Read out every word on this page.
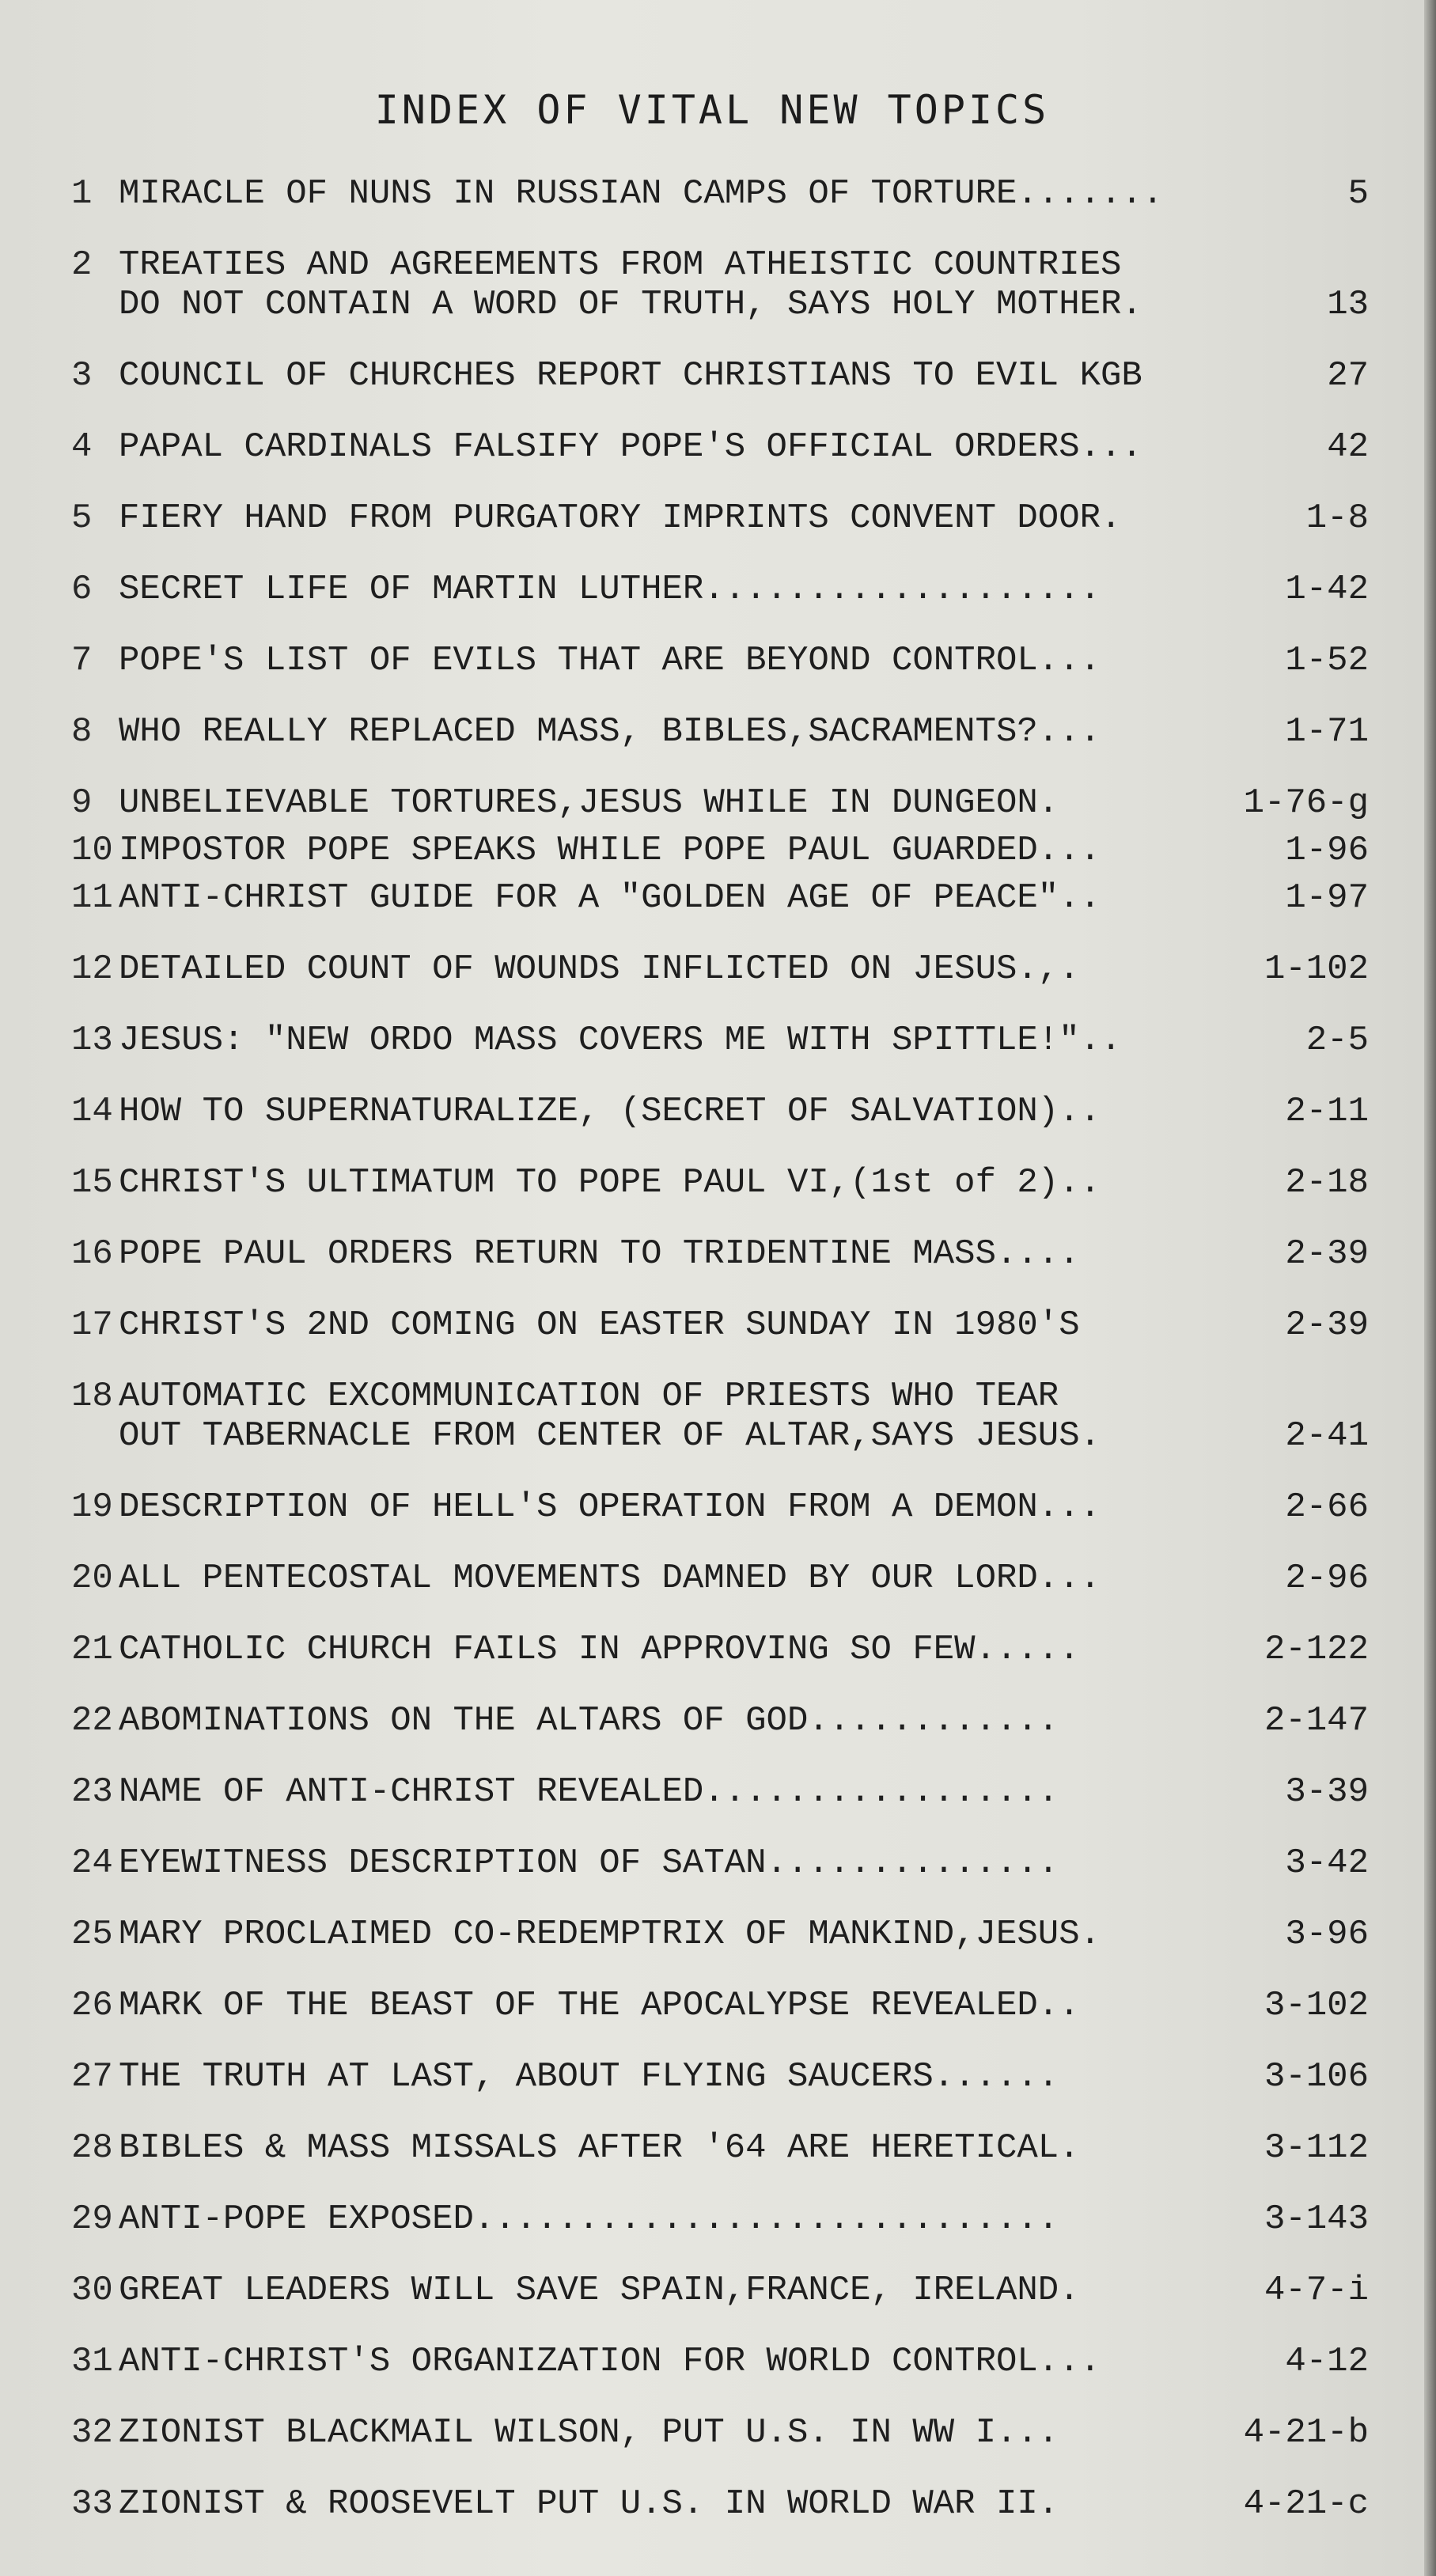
INDEX OF VITAL NEW TOPICS
1 MIRACLE OF NUNS IN RUSSIAN CAMPS OF TORTURE.......	5
2 TREATIES AND AGREEMENTS FROM ATHEISTIC COUNTRIES
DO NOT CONTAIN A WORD OF TRUTH, SAYS HOLY MOTHER.	13
3 COUNCIL OF CHURCHES REPORT CHRISTIANS TO EVIL KGB	27
4 PAPAL CARDINALS FALSIFY POPE'S OFFICIAL ORDERS...	42
5 FIERY HAND FROM PURGATORY IMPRINTS CONVENT DOOR.	1-8
6 SECRET LIFE OF MARTIN LUTHER...................	1-42
7 POPE'S LIST OF EVILS THAT ARE BEYOND CONTROL...	1-52
8 WHO REALLY REPLACED MASS, BIBLES,SACRAMENTS?...	1-71
9 UNBELIEVABLE TORTURES,JESUS WHILE IN DUNGEON.	1-76-g
10 IMPOSTOR POPE SPEAKS WHILE POPE PAUL GUARDED...	1-96
11 ANTI-CHRIST GUIDE FOR A "GOLDEN AGE OF PEACE"..	1-97
12 DETAILED COUNT OF WOUNDS INFLICTED ON JESUS.,.	1-102
13 JESUS: "NEW ORDO MASS COVERS ME WITH SPITTLE!"..	2-5
14 HOW TO SUPERNATURALIZE, (SECRET OF SALVATION)..	2-11
15 CHRIST'S ULTIMATUM TO POPE PAUL VI,(1st of 2)..	2-18
16 POPE PAUL ORDERS RETURN TO TRIDENTINE MASS....	2-39
17 CHRIST'S 2ND COMING ON EASTER SUNDAY IN 1980'S	2-39
18 AUTOMATIC EXCOMMUNICATION OF PRIESTS WHO TEAR
OUT TABERNACLE FROM CENTER OF ALTAR,SAYS JESUS.	2-41
19 DESCRIPTION OF HELL'S OPERATION FROM A DEMON...	2-66
20 ALL PENTECOSTAL MOVEMENTS DAMNED BY OUR LORD...	2-96
21 CATHOLIC CHURCH FAILS IN APPROVING SO FEW.....	2-122
22 ABOMINATIONS ON THE ALTARS OF GOD............	2-147
23 NAME OF ANTI-CHRIST REVEALED.................	3-39
24 EYEWITNESS DESCRIPTION OF SATAN..............	3-42
25 MARY PROCLAIMED CO-REDEMPTRIX OF MANKIND,JESUS.	3-96
26 MARK OF THE BEAST OF THE APOCALYPSE REVEALED..	3-102
27 THE TRUTH AT LAST, ABOUT FLYING SAUCERS......	3-106
28 BIBLES & MASS MISSALS AFTER '64 ARE HERETICAL.	3-112
29 ANTI-POPE EXPOSED............................	3-143
30 GREAT LEADERS WILL SAVE SPAIN,FRANCE, IRELAND.	4-7-i
31 ANTI-CHRIST'S ORGANIZATION FOR WORLD CONTROL...	4-12
32 ZIONIST BLACKMAIL WILSON, PUT U.S. IN WW I...	4-21-b
33 ZIONIST & ROOSEVELT PUT U.S. IN WORLD WAR II.	4-21-c
